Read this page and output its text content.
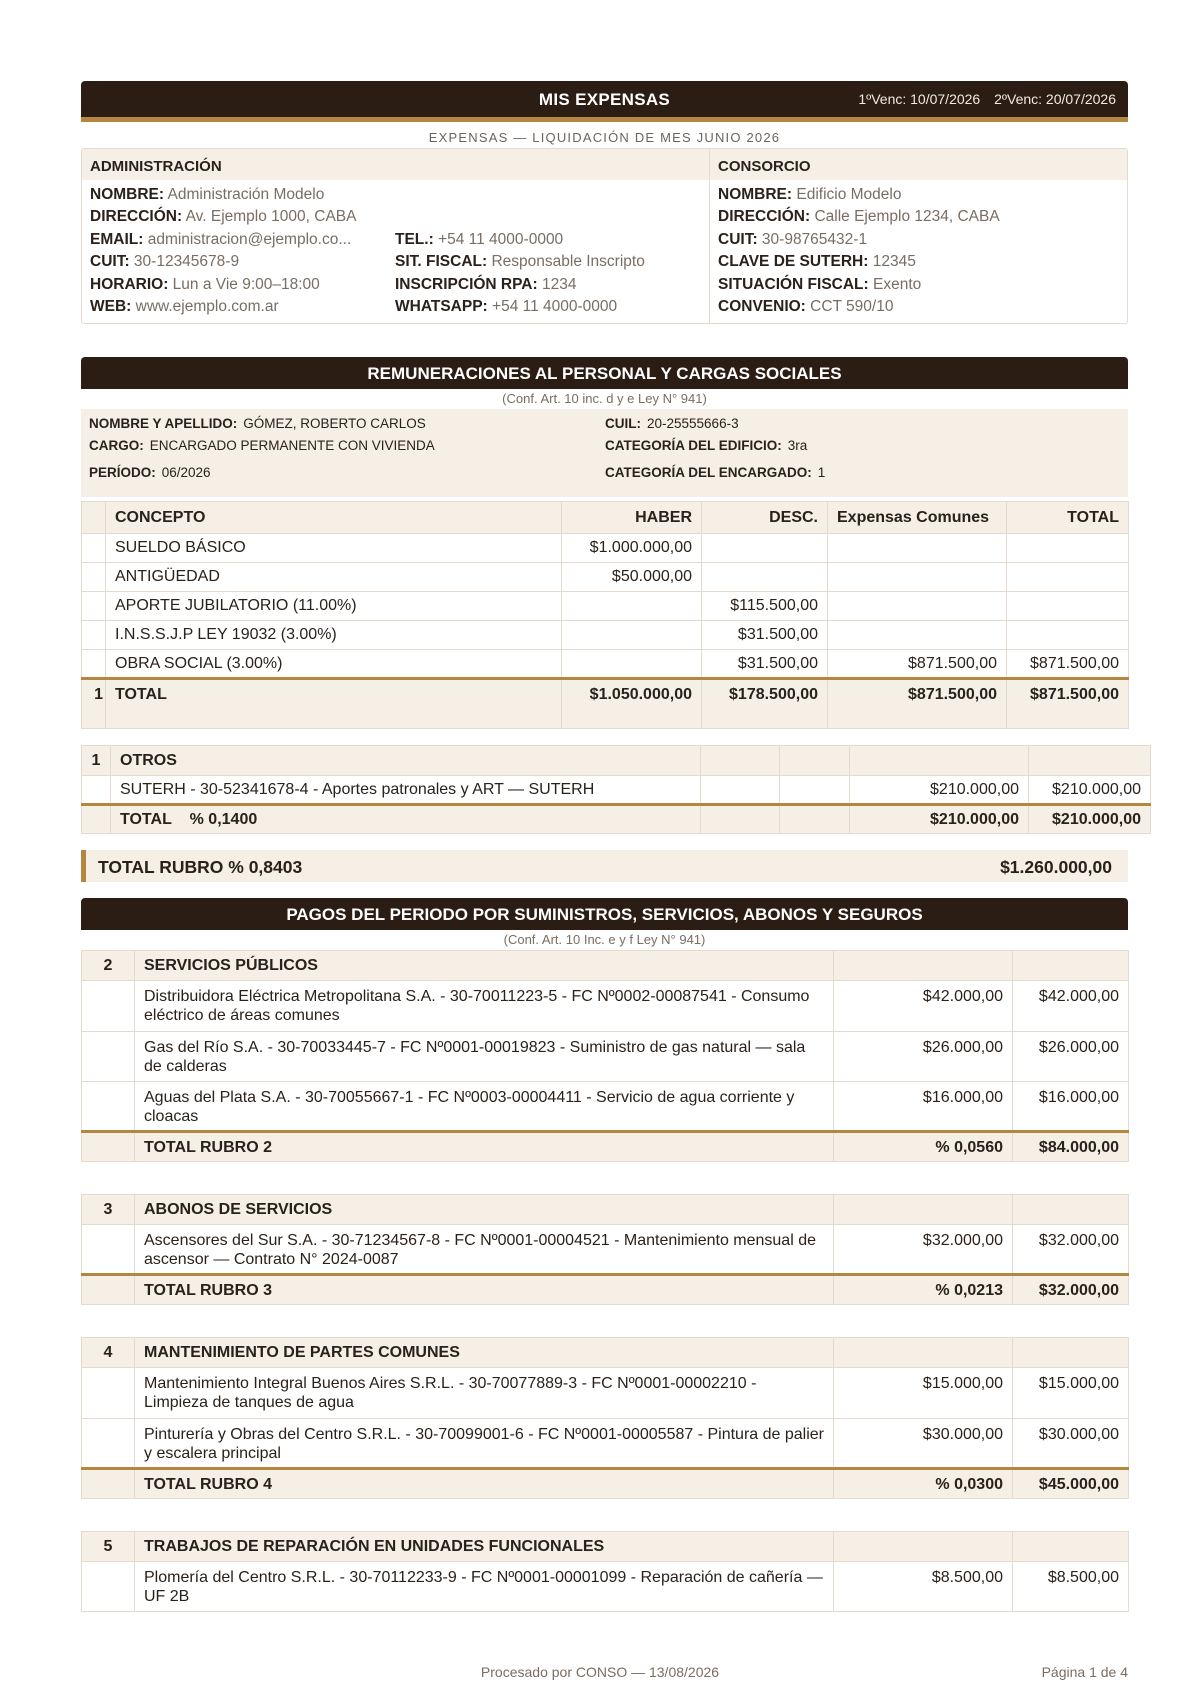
MIS EXPENSAS	1ºVenc: 10/07/2026 2ºVenc: 20/07/2026
EXPENSAS — LIQUIDACIÓN DE MES JUNIO 2026
ADMINISTRACIÓN	CONSORCIO
NOMBRE: Administración Modelo
DIRECCIÓN: Av. Ejemplo 1000, CABA
EMAIL: administracion@ejemplo.co...	TEL.: +54 11 4000-0000
CUIT: 30-12345678-9	SIT. FISCAL: Responsable Inscripto
HORARIO: Lun a Vie 9:00–18:00	INSCRIPCIÓN RPA: 1234
WEB: www.ejemplo.com.ar	WHATSAPP: +54 11 4000-0000
NOMBRE: Edificio Modelo
DIRECCIÓN: Calle Ejemplo 1234, CABA
CUIT: 30-98765432-1
CLAVE DE SUTERH: 12345
SITUACIÓN FISCAL: Exento
CONVENIO: CCT 590/10
REMUNERACIONES AL PERSONAL Y CARGAS SOCIALES
(Conf. Art. 10 inc. d y e Ley N° 941)
NOMBRE Y APELLIDO: GÓMEZ, ROBERTO CARLOS
CARGO: ENCARGADO PERMANENTE CON VIVIENDA
PERÍODO: 06/2026
CUIL: 20-25555666-3
CATEGORÍA DEL EDIFICIO: 3ra
CATEGORÍA DEL ENCARGADO: 1
	CONCEPTO	HABER	DESC.	Expensas Comunes	TOTAL
	SUELDO BÁSICO	$1.000.000,00			
	ANTIGÜEDAD	$50.000,00			
	APORTE JUBILATORIO (11.00%)		$115.500,00		
	I.N.S.S.J.P LEY 19032 (3.00%)		$31.500,00		
	OBRA SOCIAL (3.00%)		$31.500,00	$871.500,00	$871.500,00
1	TOTAL	$1.050.000,00	$178.500,00	$871.500,00	$871.500,00
1	OTROS				
	SUTERH - 30-52341678-4 - Aportes patronales y ART — SUTERH			$210.000,00	$210.000,00
	TOTAL % 0,1400			$210.000,00	$210.000,00
TOTAL RUBRO % 0,8403	$1.260.000,00
PAGOS DEL PERIODO POR SUMINISTROS, SERVICIOS, ABONOS Y SEGUROS
(Conf. Art. 10 Inc. e y f Ley N° 941)
2	SERVICIOS PÚBLICOS		
	Distribuidora Eléctrica Metropolitana S.A. - 30-70011223-5 - FC Nº0002-00087541 - Consumo eléctrico de áreas comunes	$42.000,00	$42.000,00
	Gas del Río S.A. - 30-70033445-7 - FC Nº0001-00019823 - Suministro de gas natural — sala de calderas	$26.000,00	$26.000,00
	Aguas del Plata S.A. - 30-70055667-1 - FC Nº0003-00004411 - Servicio de agua corriente y cloacas	$16.000,00	$16.000,00
	TOTAL RUBRO 2	% 0,0560	$84.000,00
3	ABONOS DE SERVICIOS		
	Ascensores del Sur S.A. - 30-71234567-8 - FC Nº0001-00004521 - Mantenimiento mensual de ascensor — Contrato N° 2024-0087	$32.000,00	$32.000,00
	TOTAL RUBRO 3	% 0,0213	$32.000,00
4	MANTENIMIENTO DE PARTES COMUNES		
	Mantenimiento Integral Buenos Aires S.R.L. - 30-70077889-3 - FC Nº0001-00002210 - Limpieza de tanques de agua	$15.000,00	$15.000,00
	Pinturería y Obras del Centro S.R.L. - 30-70099001-6 - FC Nº0001-00005587 - Pintura de palier y escalera principal	$30.000,00	$30.000,00
	TOTAL RUBRO 4	% 0,0300	$45.000,00
5	TRABAJOS DE REPARACIÓN EN UNIDADES FUNCIONALES		
	Plomería del Centro S.R.L. - 30-70112233-9 - FC Nº0001-00001099 - Reparación de cañería — UF 2B	$8.500,00	$8.500,00
Procesado por CONSO — 13/08/2026	Página 1 de 4
